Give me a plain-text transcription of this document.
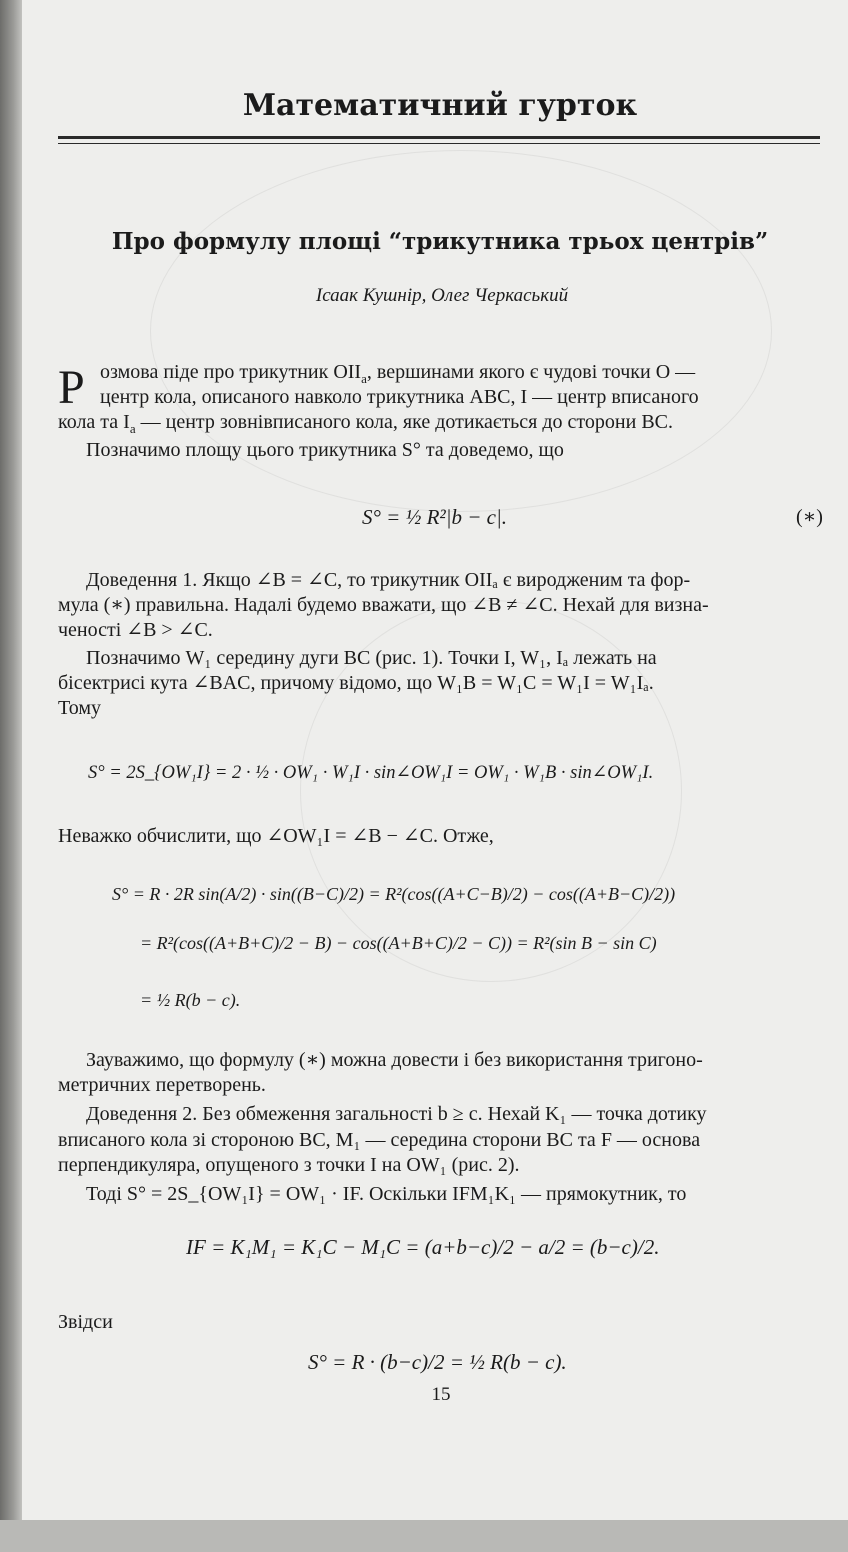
Математичний гурток
Про формулу площі “трикутника трьох центрів”
Ісаак Кушнір, Олег Черкаський
Р озмова піде про трикутник $OII_a$, вершинами якого є чудові точки O —
центр кола, описаного навколо трикутника ABC, I — центр вписаного
кола та $I_a$ — центр зовнівписаного кола, яке дотикається до сторони BC.
Позначимо площу цього трикутника S° та доведемо, що
S° = ½ R²|b − c|.	(∗)
Доведення 1. Якщо ∠B = ∠C, то трикутник OIIₐ є виродженим та фор-
мула (∗) правильна. Надалі будемо вважати, що ∠B ≠ ∠C. Нехай для визна-
ченості ∠B > ∠C.
Позначимо W₁ середину дуги BC (рис. 1). Точки I, W₁, Iₐ лежать на
бісектрисі кута ∠BAC, причому відомо, що W₁B = W₁C = W₁I = W₁Iₐ.
Тому
S° = 2S_{OW₁I} = 2 · ½ · OW₁ · W₁I · sin∠OW₁I = OW₁ · W₁B · sin∠OW₁I.
Неважко обчислити, що ∠OW₁I = ∠B − ∠C. Отже,
S° = R · 2R sin(A/2) · sin((B−C)/2) = R²(cos((A+C−B)/2) − cos((A+B−C)/2))
= R²(cos((A+B+C)/2 − B) − cos((A+B+C)/2 − C)) = R²(sin B − sin C)
= ½ R(b − c).
Зауважимо, що формулу (∗) можна довести і без використання тригоно-
метричних перетворень.
Доведення 2. Без обмеження загальності b ≥ c. Нехай K₁ — точка дотику
вписаного кола зі стороною BC, M₁ — середина сторони BC та F — основа
перпендикуляра, опущеного з точки I на OW₁ (рис. 2).
Тоді S° = 2S_{OW₁I} = OW₁ · IF. Оскільки IFM₁K₁ — прямокутник, то
IF = K₁M₁ = K₁C − M₁C = (a+b−c)/2 − a/2 = (b−c)/2.
Звідси
S° = R · (b−c)/2 = ½ R(b − c).
15
